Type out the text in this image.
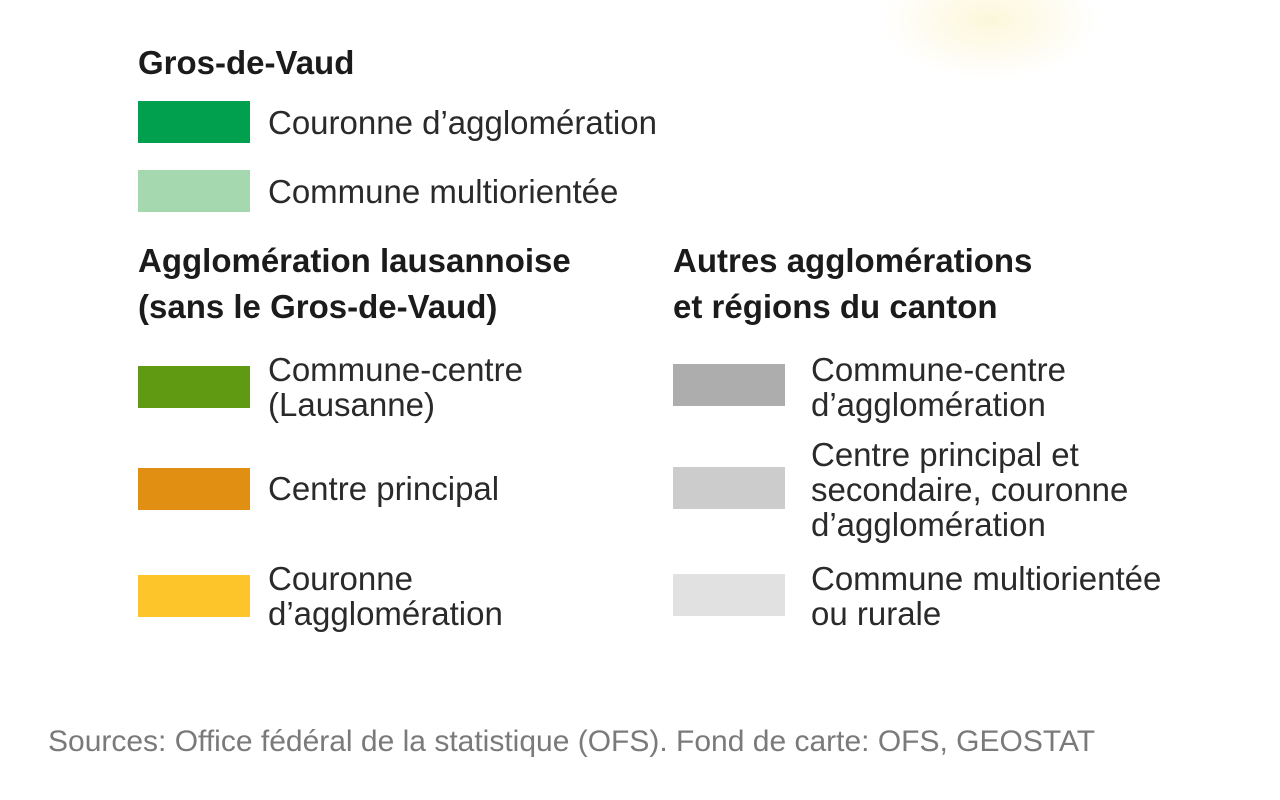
Gros-de-Vaud
Couronne d’agglomération
Commune multiorientée
Agglomération lausannoise
(sans le Gros-de-Vaud)
Commune-centre
(Lausanne)
Centre principal
Couronne
d’agglomération
Autres agglomérations
et régions du canton
Commune-centre
d’agglomération
Centre principal et
secondaire, couronne
d’agglomération
Commune multiorientée
ou rurale
Sources: Office fédéral de la statistique (OFS). Fond de carte: OFS, GEOSTAT
